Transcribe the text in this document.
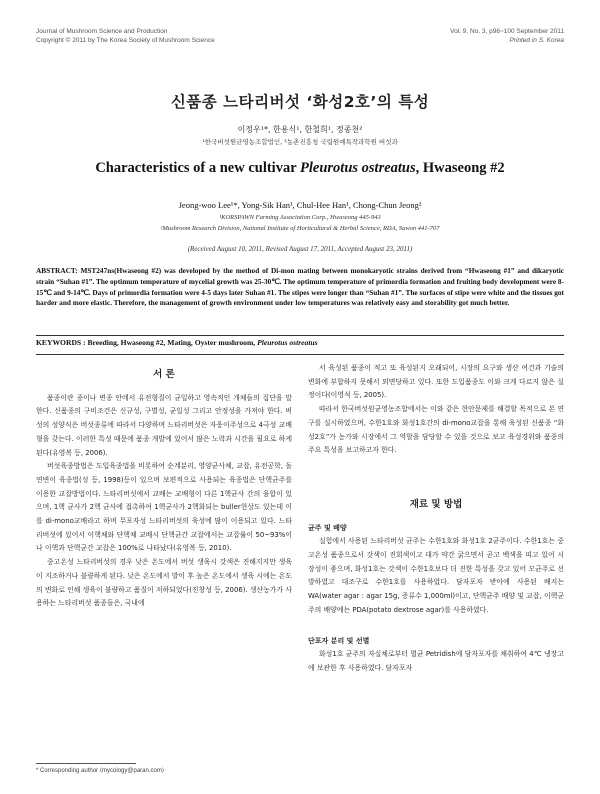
Journal of Mushroom Science and Production
Copyright © 2011 by The Korea Society of Mushroom Science
Vol. 9, No. 3, p96~100 September 2011
Printed in S. Korea
신품종 느타리버섯 ‘화성2호’의 특성
이정우¹*, 한용식¹, 한철희¹, 정종천²
¹한국버섯원균영농조합법인, ²농촌진흥청 국립원예특작과학원 버섯과
Characteristics of a new cultivar Pleurotus ostreatus, Hwaseong #2
Jeong-woo Lee¹*, Yong-Sik Han¹, Chul-Hee Han¹, Chong-Chun Jeong²
¹KORSPAWN Farming Association Corp., Hwaseong 445-943
²Mushroom Research Division, National Institute of Horticultural & Herbal Science, RDA, Suwon 441-707
(Received August 10, 2011, Revised August 17, 2011, Accepted August 23, 2011)
ABSTRACT: MST247ns(Hwaseong #2) was developed by the method of Di-mon mating between monokaryotic strains derived from “Hwaseong #1” and dikaryotic strain “Suhan #1”. The optimum temperature of mycelial growth was 25-30℃. The optimum temperature of primordia formation and fruiting body development were 8-15℃ and 9-14℃. Days of primordia formation were 4-5 days later Suhan #1. The stipes were longer than “Suhan #1”. The surfaces of stipe were white and the tissues got harder and more elastic. Therefore, the management of growth environment under low temperatures was relatively easy and storability got much better.
KEYWORDS : Breeding, Hwaseong #2, Mating, Oyster mushroom, Pleurotus ostreatus
서 론

품종이란 종이나 변종 안에서 유전형질이 균일하고 영속적인 개체들의 집단을 말한다. 신품종의 구비조건은 신규성, 구별성, 균일성 그리고 안정성을 가져야 한다. 버섯의 성양식은 버섯종류에 따라서 다양하며 느타리버섯은 자웅이주성으로 4극성 교배형을 갖는다. 이러한 특성 때문에 품종 개발에 있어서 많은 노력과 시간을 필요로 하게 된다(유영복 등, 2006).

버섯육종방법은 도입육종법을 비롯하여 순계분리, 영양균사체, 교잡, 유전공학, 돌연변이 육종법(성 등, 1998)등이 있으며 보편적으로 사용되는 육종법은 단핵균주를 이용한 교잡방법이다. 느타리버섯에서 교배는 교배형이 다른 1핵균사 간의 융합이 있으며, 1핵 균사가 2핵 균사에 접촉하여 1핵균사가 2핵화되는 buller현상도 있는데 이를 di-mono교배라고 하며 무포자성 느타리버섯의 육성에 많이 이용되고 있다. 느타리버섯에 있어서 이핵체와 단핵체 교배시 단핵균간 교잡에서는 교잡률이 50~93%이나 이핵과 단핵균간 교잡은 100%로 나타났다(유영복 등, 2010).

중고온성 느타리버섯의 경우 낮은 온도에서 버섯 생육시 갓색은 진해지지만 생육이 지조하거나 불량하게 된다. 낮은 온도에서 발이 후 높은 온도에서 생육 시에는 온도의 변화로 인해 생육이 불량하고 품질이 저하되었다(진창성 등, 2006). 생산농가가 사용하는 느타리버섯 품종들은, 국내에

서 육성된 품종이 적고 또 육성된지 오래되어, 시장의 요구와 생산 여건과 기술의 변화에 부합하지 못해서 외면당하고 있다. 또한 도입품종도 이와 크게 다르지 않은 실정이다(이영석 등, 2005).

따라서 한국버섯원균영농조합에서는 이와 같은 현안문제를 해결할 목적으로 본 연구를 실시하였으며, 수한1호와 화성1호간의 di-mono교잡을 통해 육성된 신품종 “화성2호”가 농가와 시장에서 그 역할을 담당할 수 있을 것으로 보고 육성경위와 품종의 주요 특성을 보고하고자 한다.

재료 및 방법
균주 및 배양

실험에서 사용된 느타리버섯 균주는 수한1호와 화성1호 2균주이다. 수한1호는 중고온성 품종으로서 갓색이 진회색이고 대가 약간 굵으면서 곧고 백색을 띠고 있어 시장성이 좋으며, 화성1호는 갓색이 수한1호보다 더 진한 특성을 갖고 있어 모균주로 선발하였고 대조구로 수한1호를 사용하였다. 담자포자 받아에 사용된 배지는 WA(water agar : agar 15g, 증류수 1,000ml)이고, 단핵균주 배양 및 교잡, 이핵균주의 배양에는 PDA(potato dextrose agar)를 사용하였다.

단포자 분리 및 선별

화성1호 균주의 자실체로부터 멸균 Petridish에 담자포자를 채취하여 4℃ 냉장고에 보관한 후 사용하였다. 담자포자

* Corresponding author ⟨mycology@paran.com⟩
